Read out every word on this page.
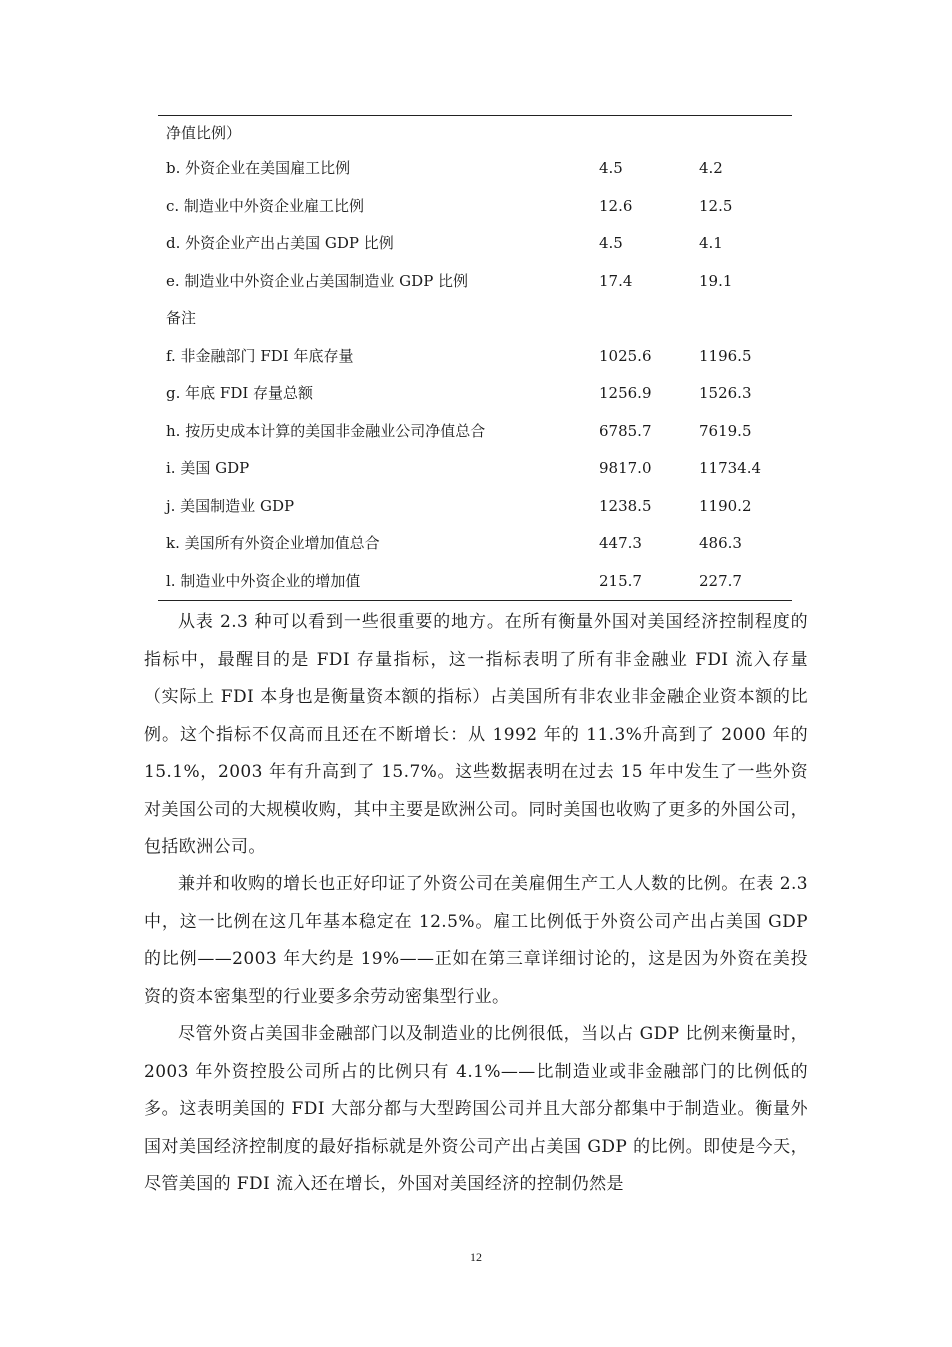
净值比例）
b. 外资企业在美国雇工比例	4.5	4.2
c. 制造业中外资企业雇工比例	12.6	12.5
d. 外资企业产出占美国 GDP 比例	4.5	4.1
e. 制造业中外资企业占美国制造业 GDP 比例	17.4	19.1
备注
f. 非金融部门 FDI 年底存量	1025.6	1196.5
g. 年底 FDI 存量总额	1256.9	1526.3
h. 按历史成本计算的美国非金融业公司净值总合	6785.7	7619.5
i. 美国 GDP	9817.0	11734.4
j. 美国制造业 GDP	1238.5	1190.2
k. 美国所有外资企业增加值总合	447.3	486.3
l. 制造业中外资企业的增加值	215.7	227.7

从表 2.3 种可以看到一些很重要的地方。在所有衡量外国对美国经济控制程度的指标中，最醒目的是 FDI 存量指标，这一指标表明了所有非金融业 FDI 流入存量（实际上 FDI 本身也是衡量资本额的指标）占美国所有非农业非金融企业资本额的比例。这个指标不仅高而且还在不断增长：从 1992 年的 11.3%升高到了 2000 年的 15.1%，2003 年有升高到了 15.7%。这些数据表明在过去 15 年中发生了一些外资对美国公司的大规模收购，其中主要是欧洲公司。同时美国也收购了更多的外国公司，包括欧洲公司。

兼并和收购的增长也正好印证了外资公司在美雇佣生产工人人数的比例。在表 2.3 中，这一比例在这几年基本稳定在 12.5%。雇工比例低于外资公司产出占美国 GDP 的比例——2003 年大约是 19%——正如在第三章详细讨论的，这是因为外资在美投资的资本密集型的行业要多余劳动密集型行业。

尽管外资占美国非金融部门以及制造业的比例很低，当以占 GDP 比例来衡量时，2003 年外资控股公司所占的比例只有 4.1%——比制造业或非金融部门的比例低的多。这表明美国的 FDI 大部分都与大型跨国公司并且大部分都集中于制造业。衡量外国对美国经济控制度的最好指标就是外资公司产出占美国 GDP 的比例。即使是今天，尽管美国的 FDI 流入还在增长，外国对美国经济的控制仍然是

12
